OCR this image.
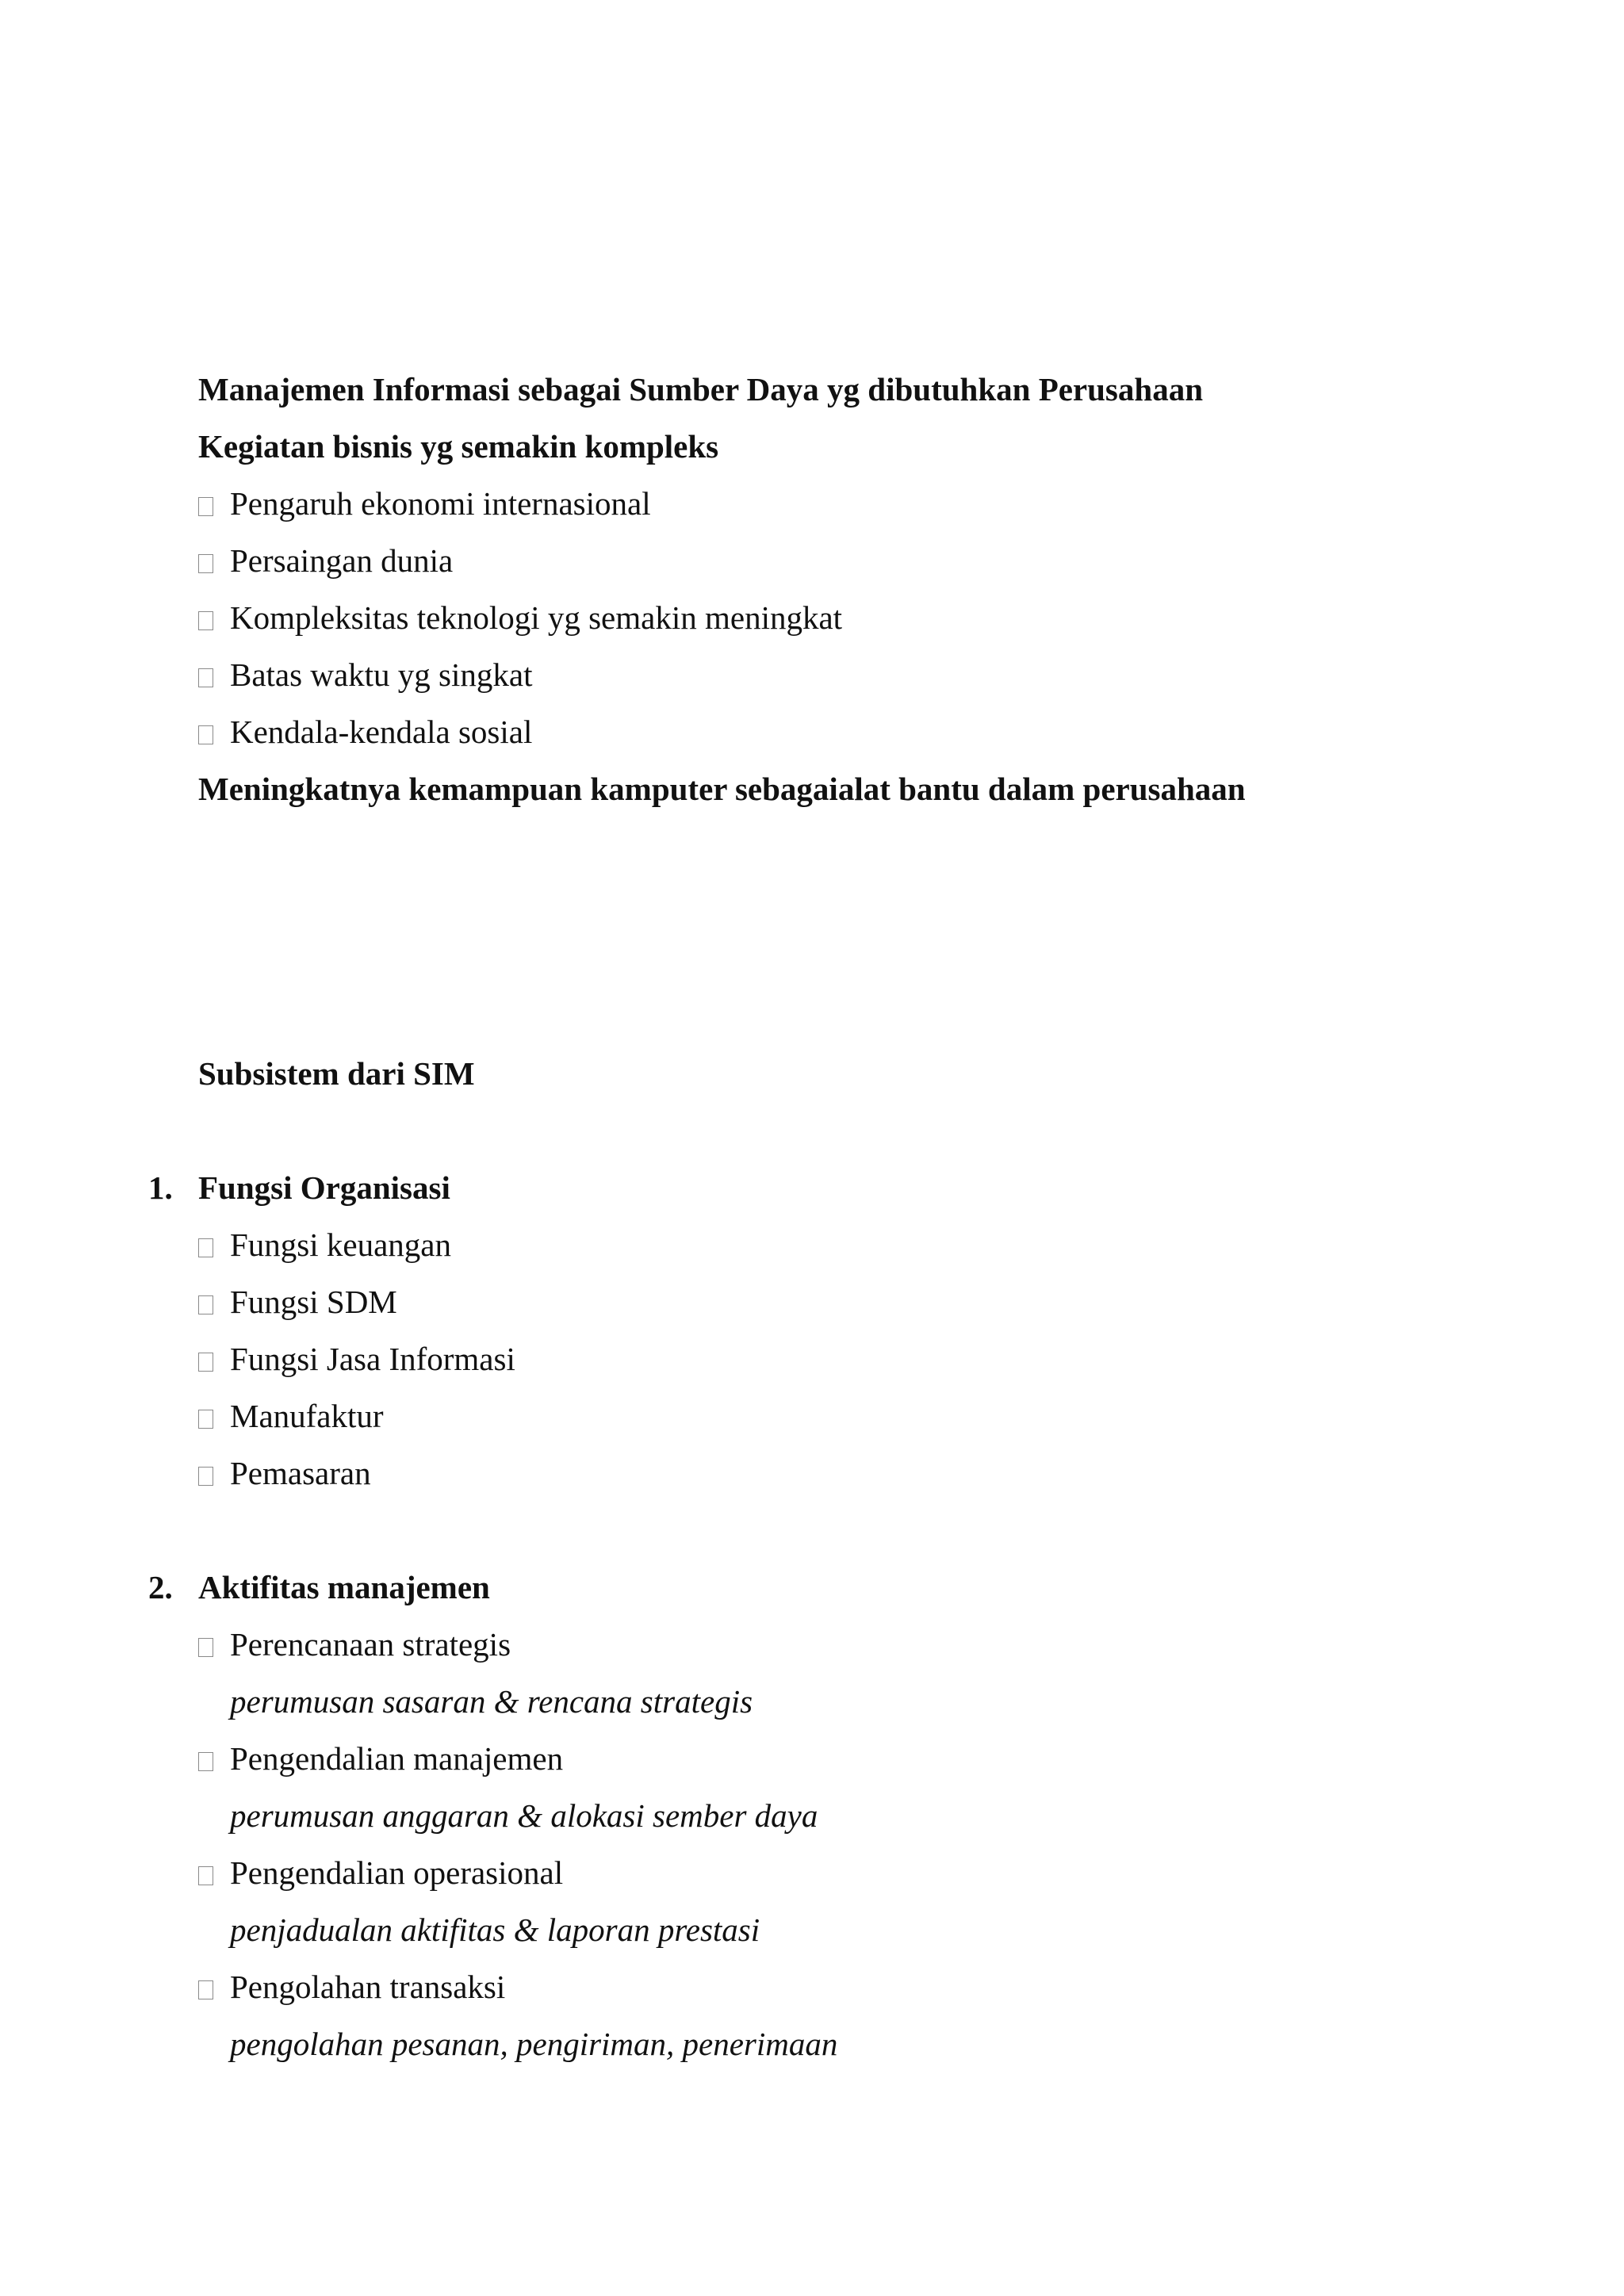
Manajemen Informasi sebagai Sumber Daya yg dibutuhkan Perusahaan
Kegiatan bisnis yg semakin kompleks
Pengaruh ekonomi internasional
Persaingan dunia
Kompleksitas teknologi yg semakin meningkat
Batas waktu yg singkat
Kendala-kendala sosial
Meningkatnya kemampuan kamputer sebagaialat bantu dalam perusahaan
Subsistem dari SIM
1. Fungsi Organisasi
Fungsi keuangan
Fungsi SDM
Fungsi Jasa Informasi
Manufaktur
Pemasaran
2. Aktifitas manajemen
Perencanaan strategis
perumusan sasaran & rencana strategis
Pengendalian manajemen
perumusan anggaran & alokasi sember daya
Pengendalian operasional
penjadualan aktifitas & laporan prestasi
Pengolahan transaksi
pengolahan pesanan, pengiriman, penerimaan
